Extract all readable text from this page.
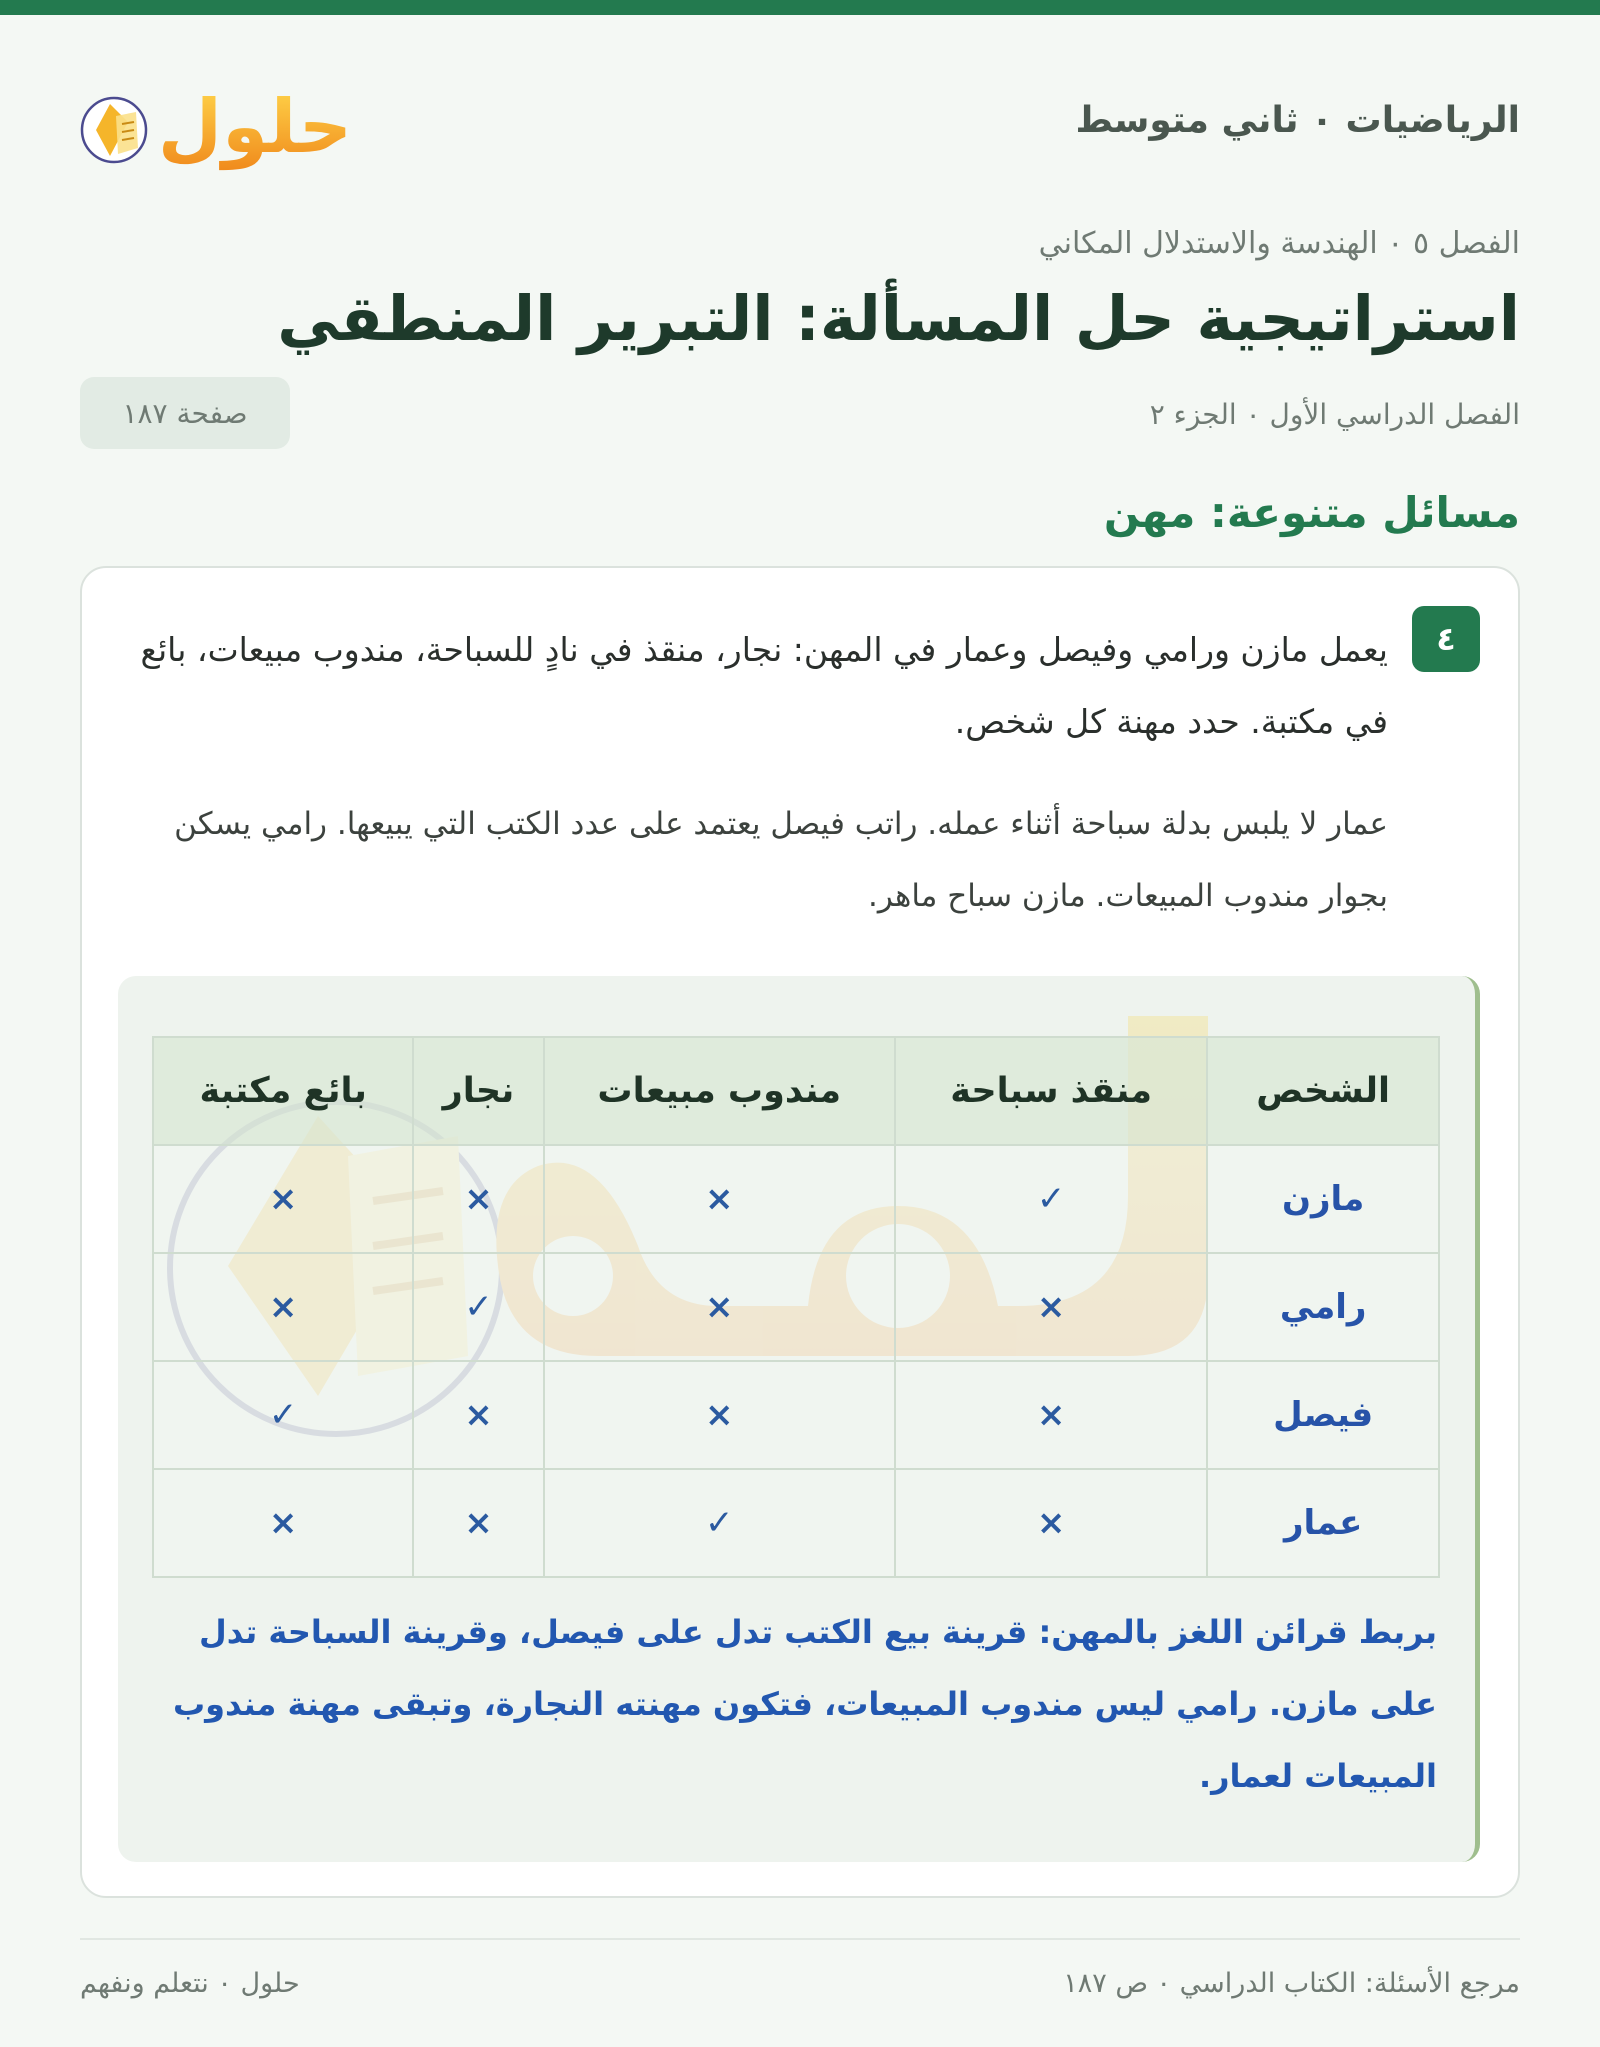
حلول	الرياضيات ٠ ثاني متوسط
الفصل ٥ ٠ الهندسة والاستدلال المكاني
استراتيجية حل المسألة: التبرير المنطقي
الفصل الدراسي الأول ٠ الجزء ٢
صفحة ١٨٧
مسائل متنوعة: مهن
٤

يعمل مازن ورامي وفيصل وعمار في المهن: نجار، منقذ في نادٍ للسباحة، مندوب مبيعات، بائع في مكتبة. حدد مهنة كل شخص.

عمار لا يلبس بدلة سباحة أثناء عمله. راتب فيصل يعتمد على عدد الكتب التي يبيعها. رامي يسكن بجوار مندوب المبيعات. مازن سباح ماهر.

الشخص	منقذ سباحة	مندوب مبيعات	نجار	بائع مكتبة
مازن	✓	×	×	×
رامي	×	×	✓	×
فيصل	×	×	×	✓
عمار	×	✓	×	×

بربط قرائن اللغز بالمهن: قرينة بيع الكتب تدل على فيصل، وقرينة السباحة تدل على مازن. رامي ليس مندوب المبيعات، فتكون مهنته النجارة، وتبقى مهنة مندوب المبيعات لعمار.

مرجع الأسئلة: الكتاب الدراسي ٠ ص ١٨٧
حلول ٠ نتعلم ونفهم
